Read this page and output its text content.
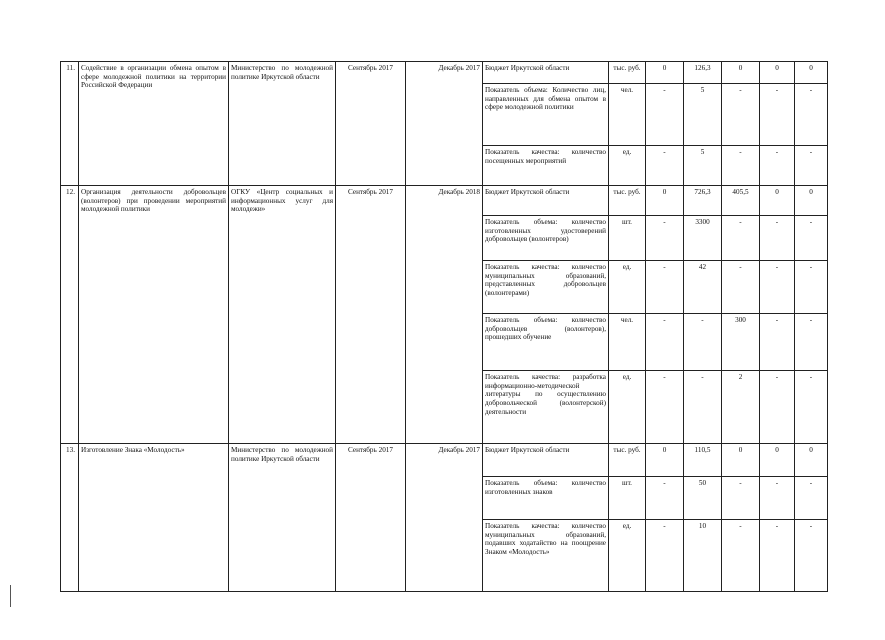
11.	Содействие в организации обмена опытом в сфере молодежной политики на территории Российской Федерации	Министерство по молодежной политике Иркутской области	Сентябрь 2017	Декабрь 2017	Бюджет Иркутской области	тыс. руб.	0	126,3	0	0	0
					Показатель объема: Количество лиц, направленных для обмена опытом в сфере молодежной политики	чел.	-	5	-	-	-
					Показатель качества: количество посещенных мероприятий	ед.	-	5	-	-	-
12.	Организация деятельности добровольцев (волонтеров) при проведении мероприятий молодежной политики	ОГКУ «Центр социальных и информационных услуг для молодежи»	Сентябрь 2017	Декабрь 2018	Бюджет Иркутской области	тыс. руб.	0	726,3	405,5	0	0
					Показатель объема: количество изготовленных удостоверений добровольцев (волонтеров)	шт.	-	3300	-	-	-
					Показатель качества: количество муниципальных образований, представленных добровольцев (волонтерами)	ед.	-	42	-	-	-
					Показатель объема: количество добровольцев (волонтеров), прошедших обучение	чел.	-	-	300	-	-
					Показатель качества: разработка информационно-методической литературы по осуществлению добровольческой (волонтерской) деятельности	ед.	-	-	2	-	-
13.	Изготовление Знака «Молодость»	Министерство по молодежной политике Иркутской области	Сентябрь 2017	Декабрь 2017	Бюджет Иркутской области	тыс. руб.	0	110,5	0	0	0
					Показатель объема: количество изготовленных знаков	шт.	-	50	-	-	-
					Показатель качества: количество муниципальных образований, подавших ходатайство на поощрение Знаком «Молодость»	ед.	-	10	-	-	-
